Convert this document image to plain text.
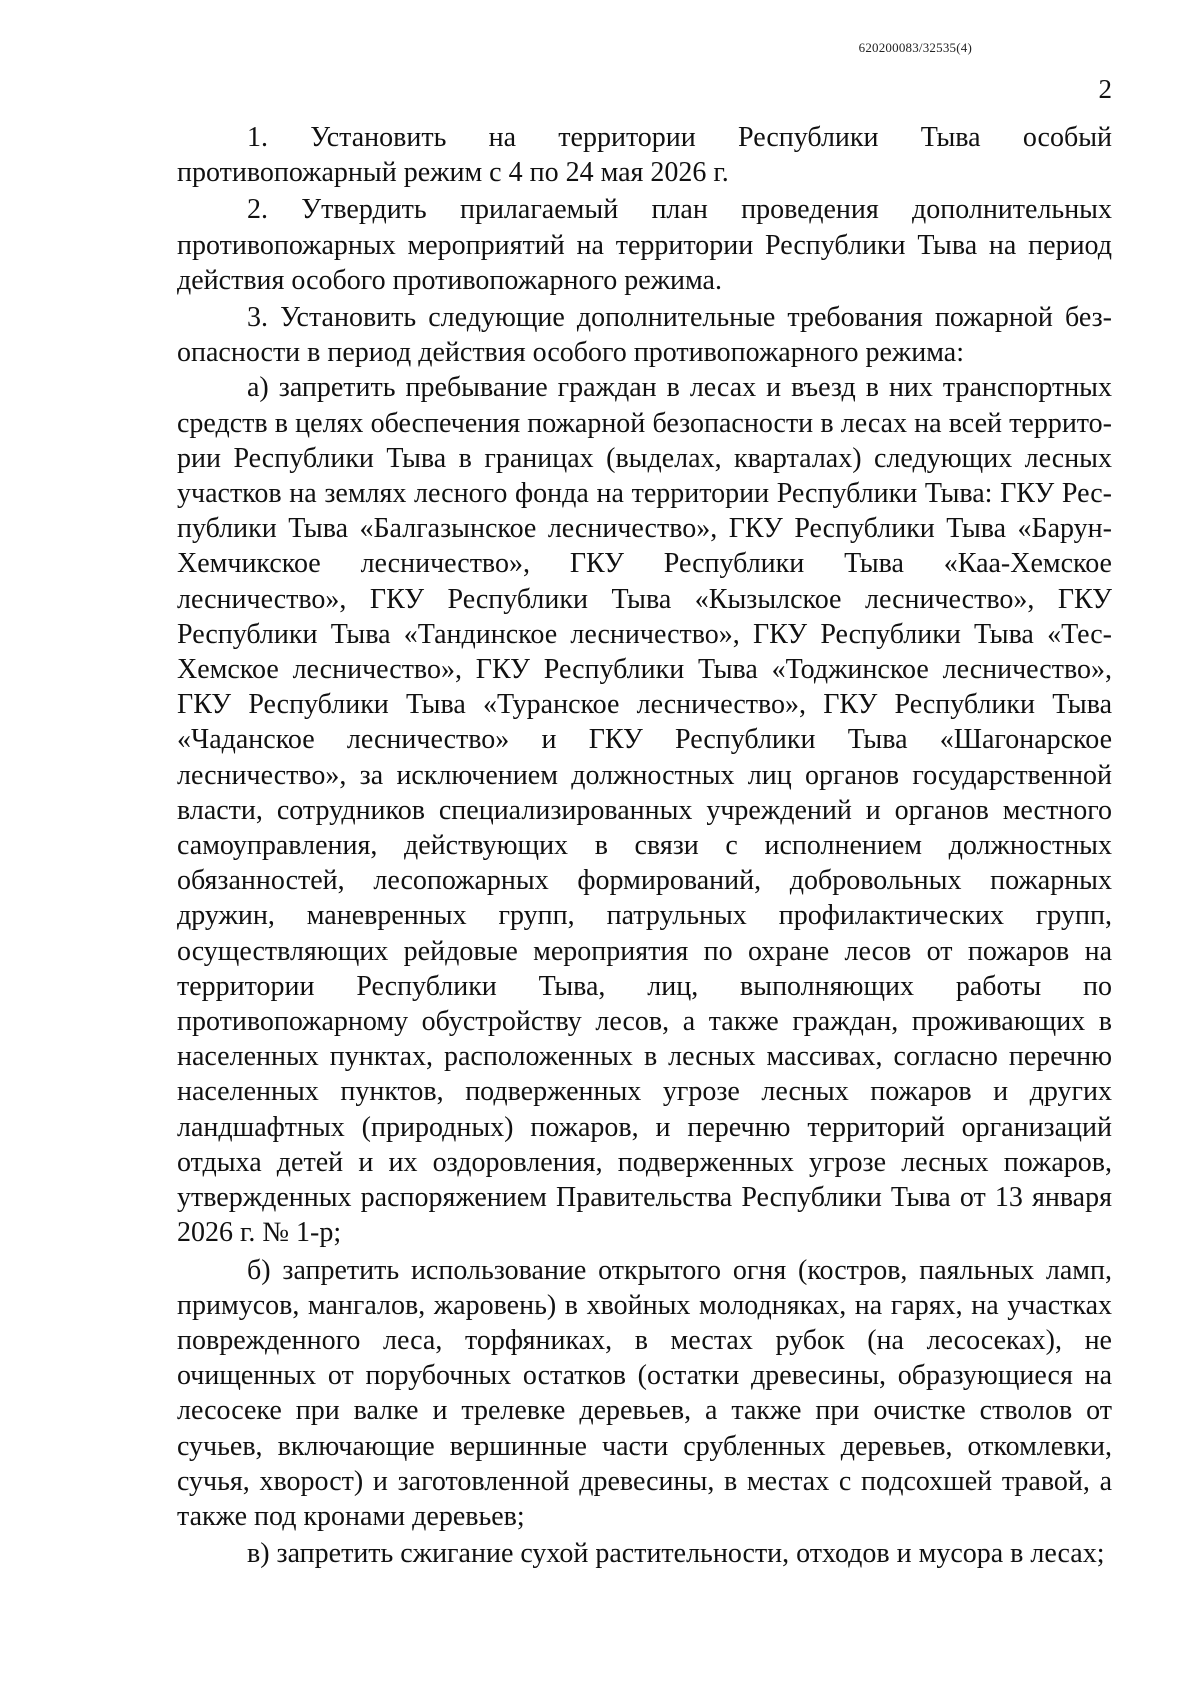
620200083/32535(4)
2

1. Установить на территории Республики Тыва особый противопожарный режим с 4 по 24 мая 2026 г.

2. Утвердить прилагаемый план проведения дополнительных противопожарных мероприятий на территории Республики Тыва на период действия особого противопожарного режима.

3. Установить следующие дополнительные требования пожарной безопасности в период действия особого противопожарного режима:

а) запретить пребывание граждан в лесах и въезд в них транспортных средств в целях обеспечения пожарной безопасности в лесах на всей территории Республики Тыва в границах (выделах, кварталах) следующих лесных участков на землях лесного фонда на территории Республики Тыва: ГКУ Республики Тыва «Балгазынское лесничество», ГКУ Республики Тыва «Барун-Хемчикское лесничество», ГКУ Республики Тыва «Каа-Хемское лесничество», ГКУ Республики Тыва «Кызылское лесничество», ГКУ Республики Тыва «Тандинское лесничество», ГКУ Республики Тыва «Тес-Хемское лесничество», ГКУ Республики Тыва «Тоджинское лесничество», ГКУ Республики Тыва «Туранское лесничество», ГКУ Республики Тыва «Чаданское лесничество» и ГКУ Республики Тыва «Шагонарское лесничество», за исключением должностных лиц органов государственной власти, сотрудников специализированных учреждений и органов местного самоуправления, действующих в связи с исполнением должностных обязанностей, лесопожарных формирований, добровольных пожарных дружин, маневренных групп, патрульных профилактических групп, осуществляющих рейдовые мероприятия по охране лесов от пожаров на территории Республики Тыва, лиц, выполняющих работы по противопожарному обустройству лесов, а также граждан, проживающих в населенных пунктах, расположенных в лесных массивах, согласно перечню населенных пунктов, подверженных угрозе лесных пожаров и других ландшафтных (природных) пожаров, и перечню территорий организаций отдыха детей и их оздоровления, подверженных угрозе лесных пожаров, утвержденных распоряжением Правительства Республики Тыва от 13 января 2026 г. № 1-р;

б) запретить использование открытого огня (костров, паяльных ламп, примусов, мангалов, жаровень) в хвойных молодняках, на гарях, на участках поврежденного леса, торфяниках, в местах рубок (на лесосеках), не очищенных от порубочных остатков (остатки древесины, образующиеся на лесосеке при валке и трелевке деревьев, а также при очистке стволов от сучьев, включающие вершинные части срубленных деревьев, откомлевки, сучья, хворост) и заготовленной древесины, в местах с подсохшей травой, а также под кронами деревьев;

в) запретить сжигание сухой растительности, отходов и мусора в лесах;
